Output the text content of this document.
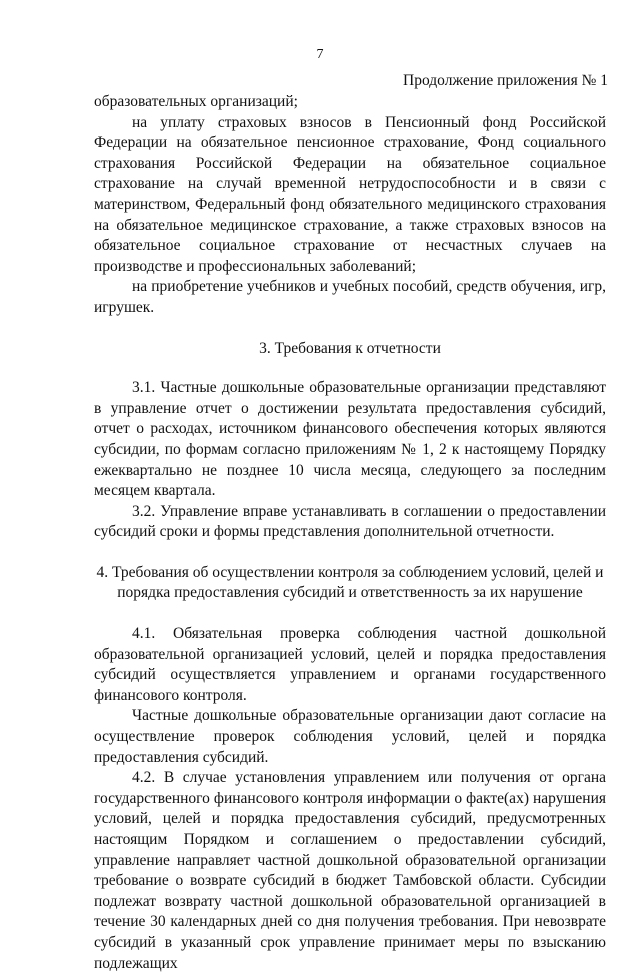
7
Продолжение приложения № 1

образовательных организаций;

на уплату страховых взносов в Пенсионный фонд Российской Федерации на обязательное пенсионное страхование, Фонд социального страхования Российской Федерации на обязательное социальное страхование на случай временной нетрудоспособности и в связи с материнством, Федеральный фонд обязательного медицинского страхования на обязательное медицинское страхование, а также страховых взносов на обязательное социальное страхование от несчастных случаев на производстве и профессиональных заболеваний;

на приобретение учебников и учебных пособий, средств обучения, игр, игрушек.

3. Требования к отчетности

3.1. Частные дошкольные образовательные организации представляют в управление отчет о достижении результата предоставления субсидий, отчет о расходах, источником финансового обеспечения которых являются субсидии, по формам согласно приложениям № 1, 2 к настоящему Порядку ежеквартально не позднее 10 числа месяца, следующего за последним месяцем квартала.

3.2. Управление вправе устанавливать в соглашении о предоставлении субсидий сроки и формы представления дополнительной отчетности.

4. Требования об осуществлении контроля за соблюдением условий, целей и порядка предоставления субсидий и ответственность за их нарушение

4.1. Обязательная проверка соблюдения частной дошкольной образовательной организацией условий, целей и порядка предоставления субсидий осуществляется управлением и органами государственного финансового контроля.

Частные дошкольные образовательные организации дают согласие на осуществление проверок соблюдения условий, целей и порядка предоставления субсидий.

4.2. В случае установления управлением или получения от органа государственного финансового контроля информации о факте(ах) нарушения условий, целей и порядка предоставления субсидий, предусмотренных настоящим Порядком и соглашением о предоставлении субсидий, управление направляет частной дошкольной образовательной организации требование о возврате субсидий в бюджет Тамбовской области. Субсидии подлежат возврату частной дошкольной образовательной организацией в течение 30 календарных дней со дня получения требования. При невозврате субсидий в указанный срок управление принимает меры по взысканию подлежащих
